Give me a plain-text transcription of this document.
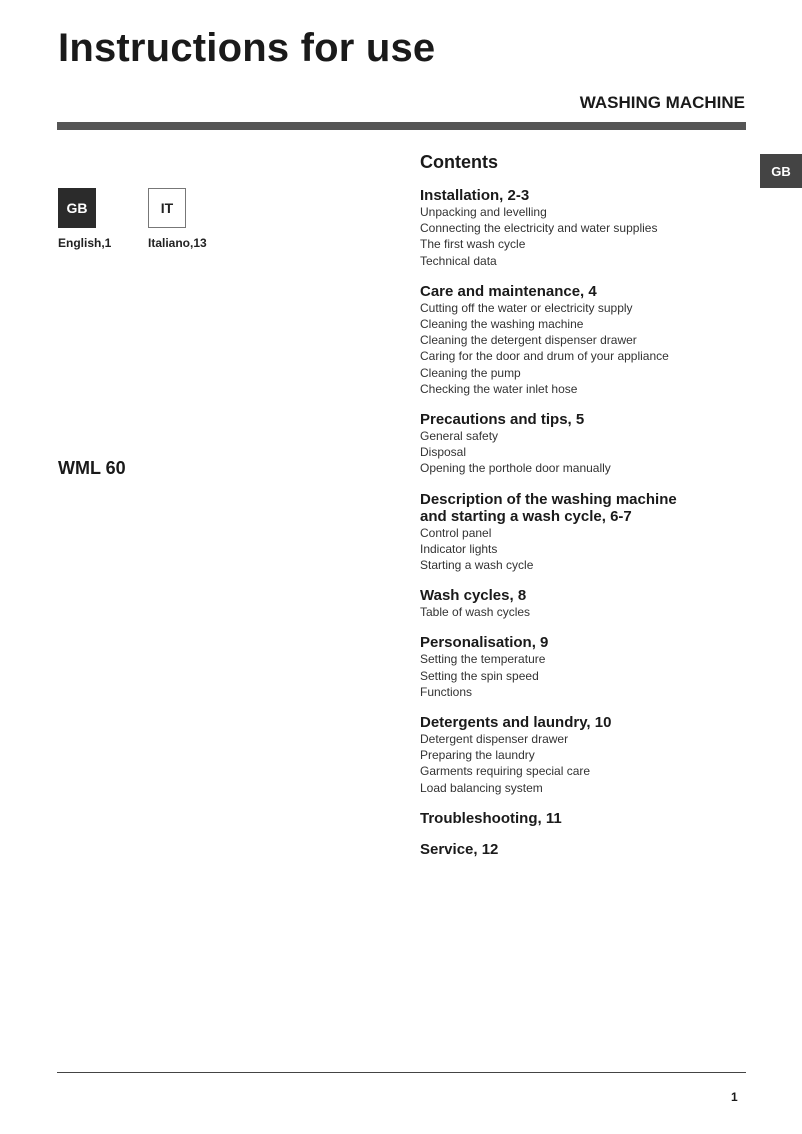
Instructions for use
WASHING MACHINE
GB
GB
English,1
IT
Italiano,13
WML 60
Contents
Installation, 2-3
Unpacking and levelling
Connecting the electricity and water supplies
The first wash cycle
Technical data
Care and maintenance, 4
Cutting off the water or electricity supply
Cleaning the washing machine
Cleaning the detergent dispenser drawer
Caring for the door and drum of your appliance
Cleaning the pump
Checking the water inlet hose
Precautions and tips, 5
General safety
Disposal
Opening the porthole door manually
Description of the washing machine
and starting a wash cycle, 6-7
Control panel
Indicator lights
Starting a wash cycle
Wash cycles, 8
Table of wash cycles
Personalisation, 9
Setting the temperature
Setting the spin speed
Functions
Detergents and laundry, 10
Detergent dispenser drawer
Preparing the laundry
Garments requiring special care
Load balancing system
Troubleshooting, 11
Service, 12

1
